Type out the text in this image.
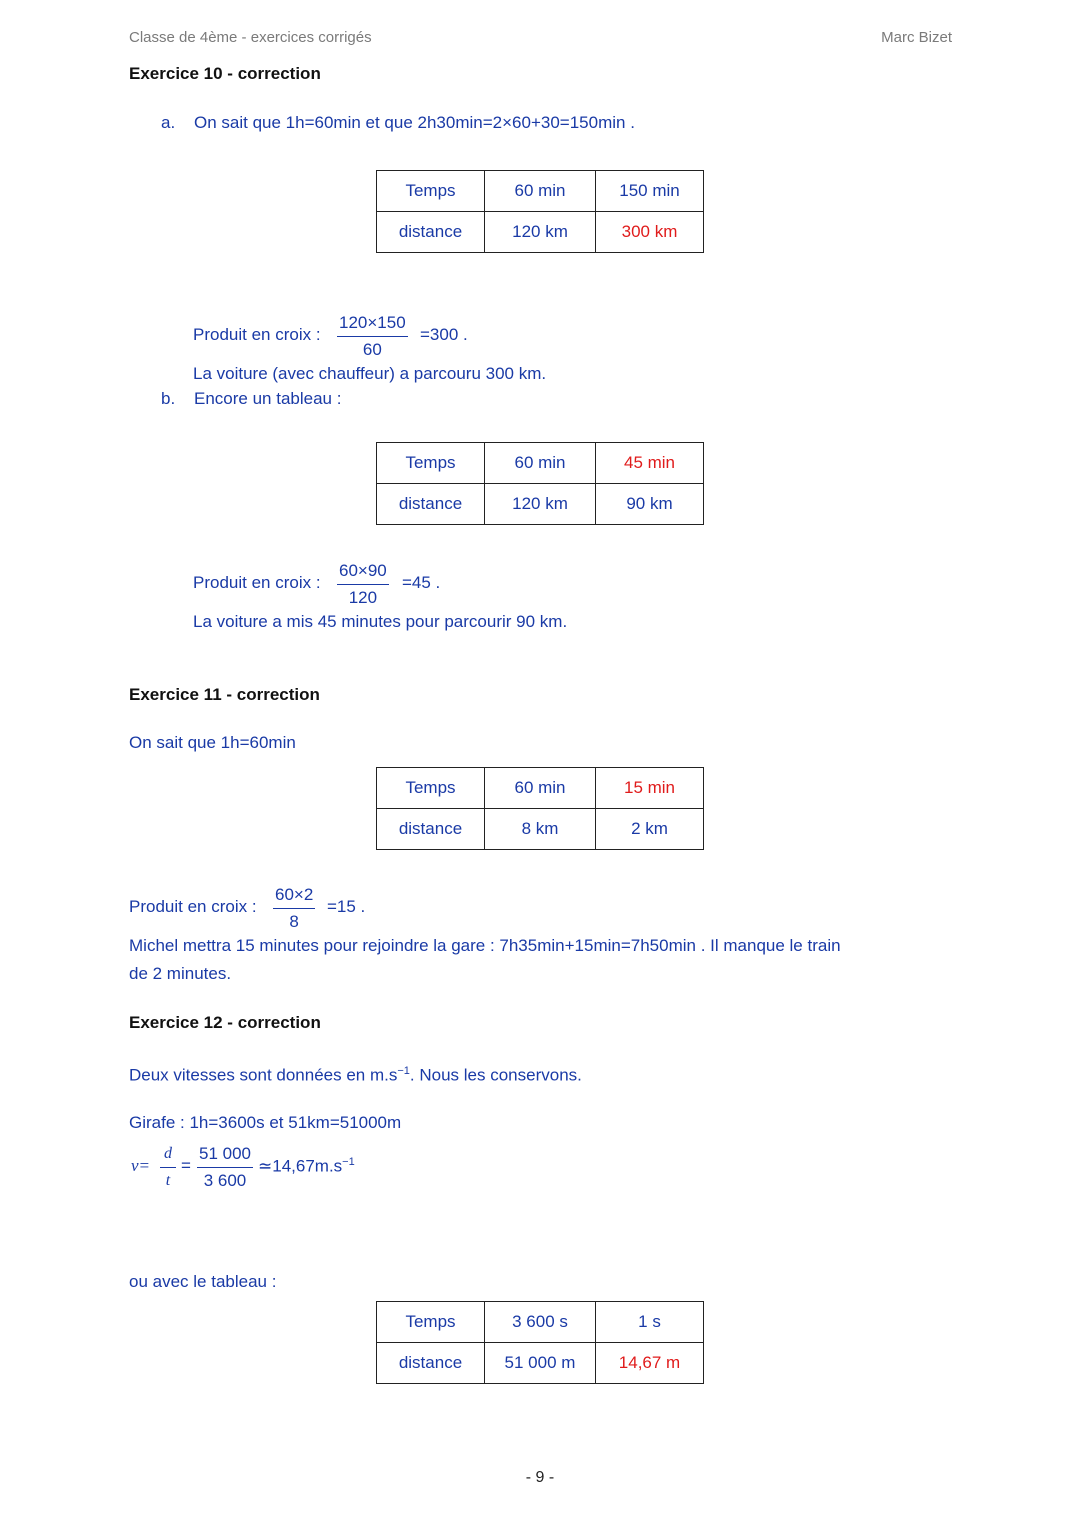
Classe de 4ème - exercices corrigés	Marc Bizet
Exercice 10 - correction
a. On sait que 1h=60min et que 2h30min=2×60+30=150min .
Temps	60 min	150 min
distance	120 km	300 km
Produit en croix : $\frac{120\times 150}{60} =300$ .
La voiture (avec chauffeur) a parcouru 300 km.
b. Encore un tableau :
Temps	60 min	45 min
distance	120 km	90 km
Produit en croix : $\frac{60\times 90}{120} =45$ .
La voiture a mis 45 minutes pour parcourir 90 km.
Exercice 11 - correction
On sait que 1h=60min
Temps	60 min	15 min
distance	8 km	2 km
Produit en croix : $\frac{60\times 2}{8} =15$ .
Michel mettra 15 minutes pour rejoindre la gare : 7h35min+15min=7h50min . Il manque le train
de 2 minutes.
Exercice 12 - correction
Deux vitesses sont données en $m.s^{-1}$. Nous les conservons.
Girafe : 1h=3600s et 51km=51000m
$v= \frac{d}{t} = \frac{51 000}{3 600}$ $≃14,67m.s^{-1}$
ou avec le tableau :
Temps	3 600 s	1 s
distance	51 000 m	14,67 m
- 9 -
